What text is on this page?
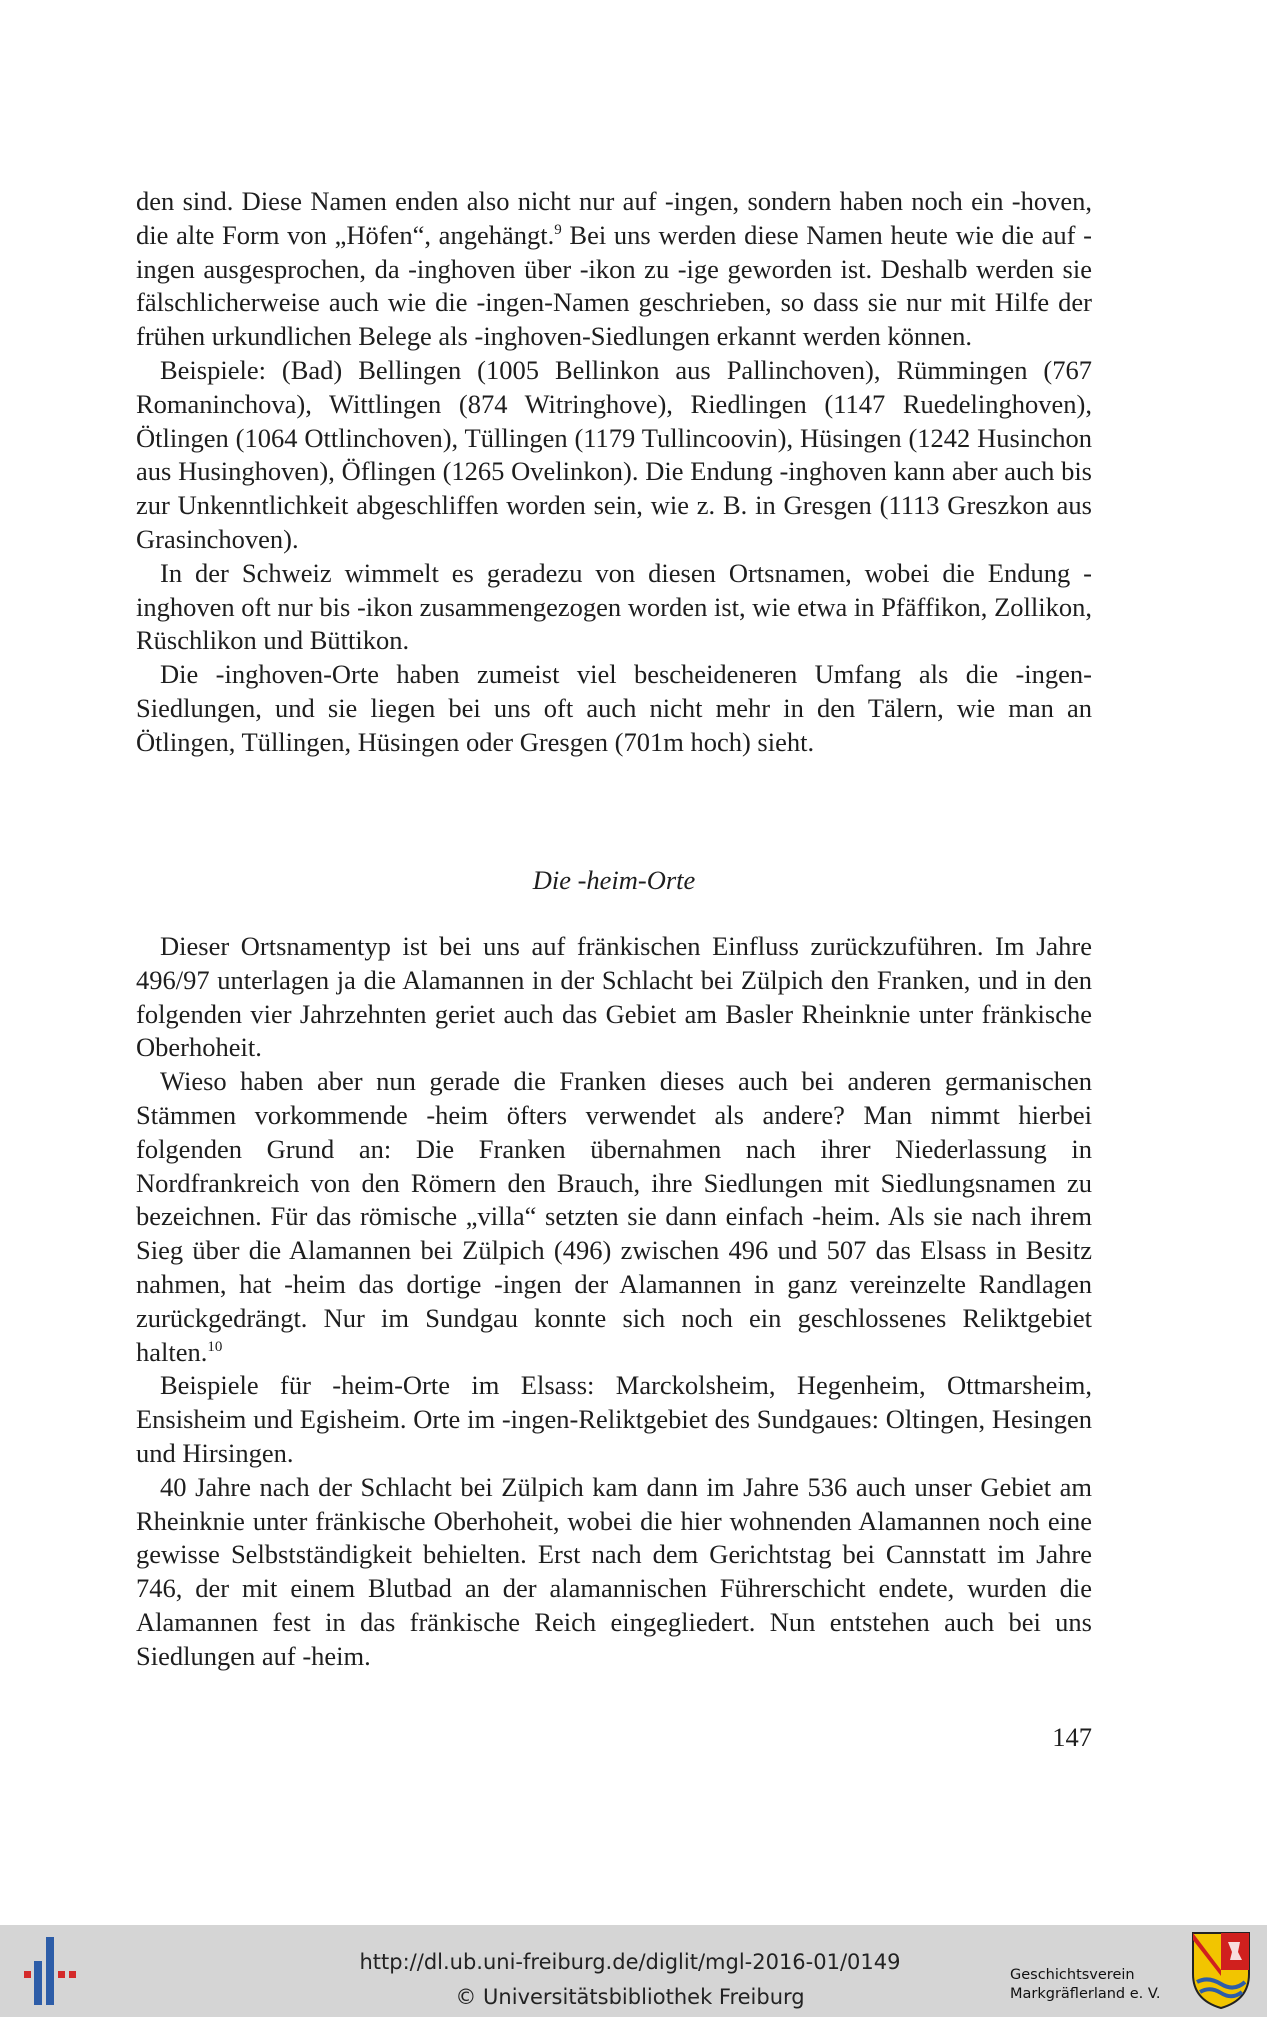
den sind. Diese Namen enden also nicht nur auf -ingen, sondern haben noch ein -hoven, die alte Form von „Höfen“, angehängt.$^9$ Bei uns werden diese Namen heute wie die auf -ingen ausgesprochen, da -inghoven über -ikon zu -ige geworden ist. Deshalb werden sie fälschlicherweise auch wie die -ingen-Namen geschrieben, so dass sie nur mit Hilfe der frühen urkundlichen Belege als -inghoven-Siedlungen erkannt werden können.

Beispiele: (Bad) Bellingen (1005 Bellinkon aus Pallinchoven), Rümmingen (767 Romaninchova), Wittlingen (874 Witringhove), Riedlingen (1147 Ruedelinghoven), Ötlingen (1064 Ottlinchoven), Tüllingen (1179 Tullincoovin), Hüsingen (1242 Husinchon aus Husinghoven), Öflingen (1265 Ovelinkon). Die Endung -inghoven kann aber auch bis zur Unkenntlichkeit abgeschliffen worden sein, wie z. B. in Gresgen (1113 Greszkon aus Grasinchoven).

In der Schweiz wimmelt es geradezu von diesen Ortsnamen, wobei die Endung -inghoven oft nur bis -ikon zusammengezogen worden ist, wie etwa in Pfäffikon, Zollikon, Rüschlikon und Büttikon.

Die -inghoven-Orte haben zumeist viel bescheideneren Umfang als die -ingen-Siedlungen, und sie liegen bei uns oft auch nicht mehr in den Tälern, wie man an Ötlingen, Tüllingen, Hüsingen oder Gresgen (701m hoch) sieht.

Die -heim-Orte

Dieser Ortsnamentyp ist bei uns auf fränkischen Einfluss zurückzuführen. Im Jahre 496/97 unterlagen ja die Alamannen in der Schlacht bei Zülpich den Franken, und in den folgenden vier Jahrzehnten geriet auch das Gebiet am Basler Rheinknie unter fränkische Oberhoheit.

Wieso haben aber nun gerade die Franken dieses auch bei anderen germanischen Stämmen vorkommende -heim öfters verwendet als andere? Man nimmt hierbei folgenden Grund an: Die Franken übernahmen nach ihrer Niederlassung in Nordfrankreich von den Römern den Brauch, ihre Siedlungen mit Siedlungsnamen zu bezeichnen. Für das römische „villa“ setzten sie dann einfach -heim. Als sie nach ihrem Sieg über die Alamannen bei Zülpich (496) zwischen 496 und 507 das Elsass in Besitz nahmen, hat -heim das dortige -ingen der Alamannen in ganz vereinzelte Randlagen zurückgedrängt. Nur im Sundgau konnte sich noch ein geschlossenes Reliktgebiet halten.$^{10}$

Beispiele für -heim-Orte im Elsass: Marckolsheim, Hegenheim, Ottmarsheim, Ensisheim und Egisheim. Orte im -ingen-Reliktgebiet des Sundgaues: Oltingen, Hesingen und Hirsingen.

40 Jahre nach der Schlacht bei Zülpich kam dann im Jahre 536 auch unser Gebiet am Rheinknie unter fränkische Oberhoheit, wobei die hier wohnenden Alamannen noch eine gewisse Selbstständigkeit behielten. Erst nach dem Gerichtstag bei Cannstatt im Jahre 746, der mit einem Blutbad an der alamannischen Führerschicht endete, wurden die Alamannen fest in das fränkische Reich eingegliedert. Nun entstehen auch bei uns Siedlungen auf -heim.

147
http://dl.ub.uni-freiburg.de/diglit/mgl-2016-01/0149
© Universitätsbibliothek Freiburg
Geschichtsverein
Markgräflerland e. V.
